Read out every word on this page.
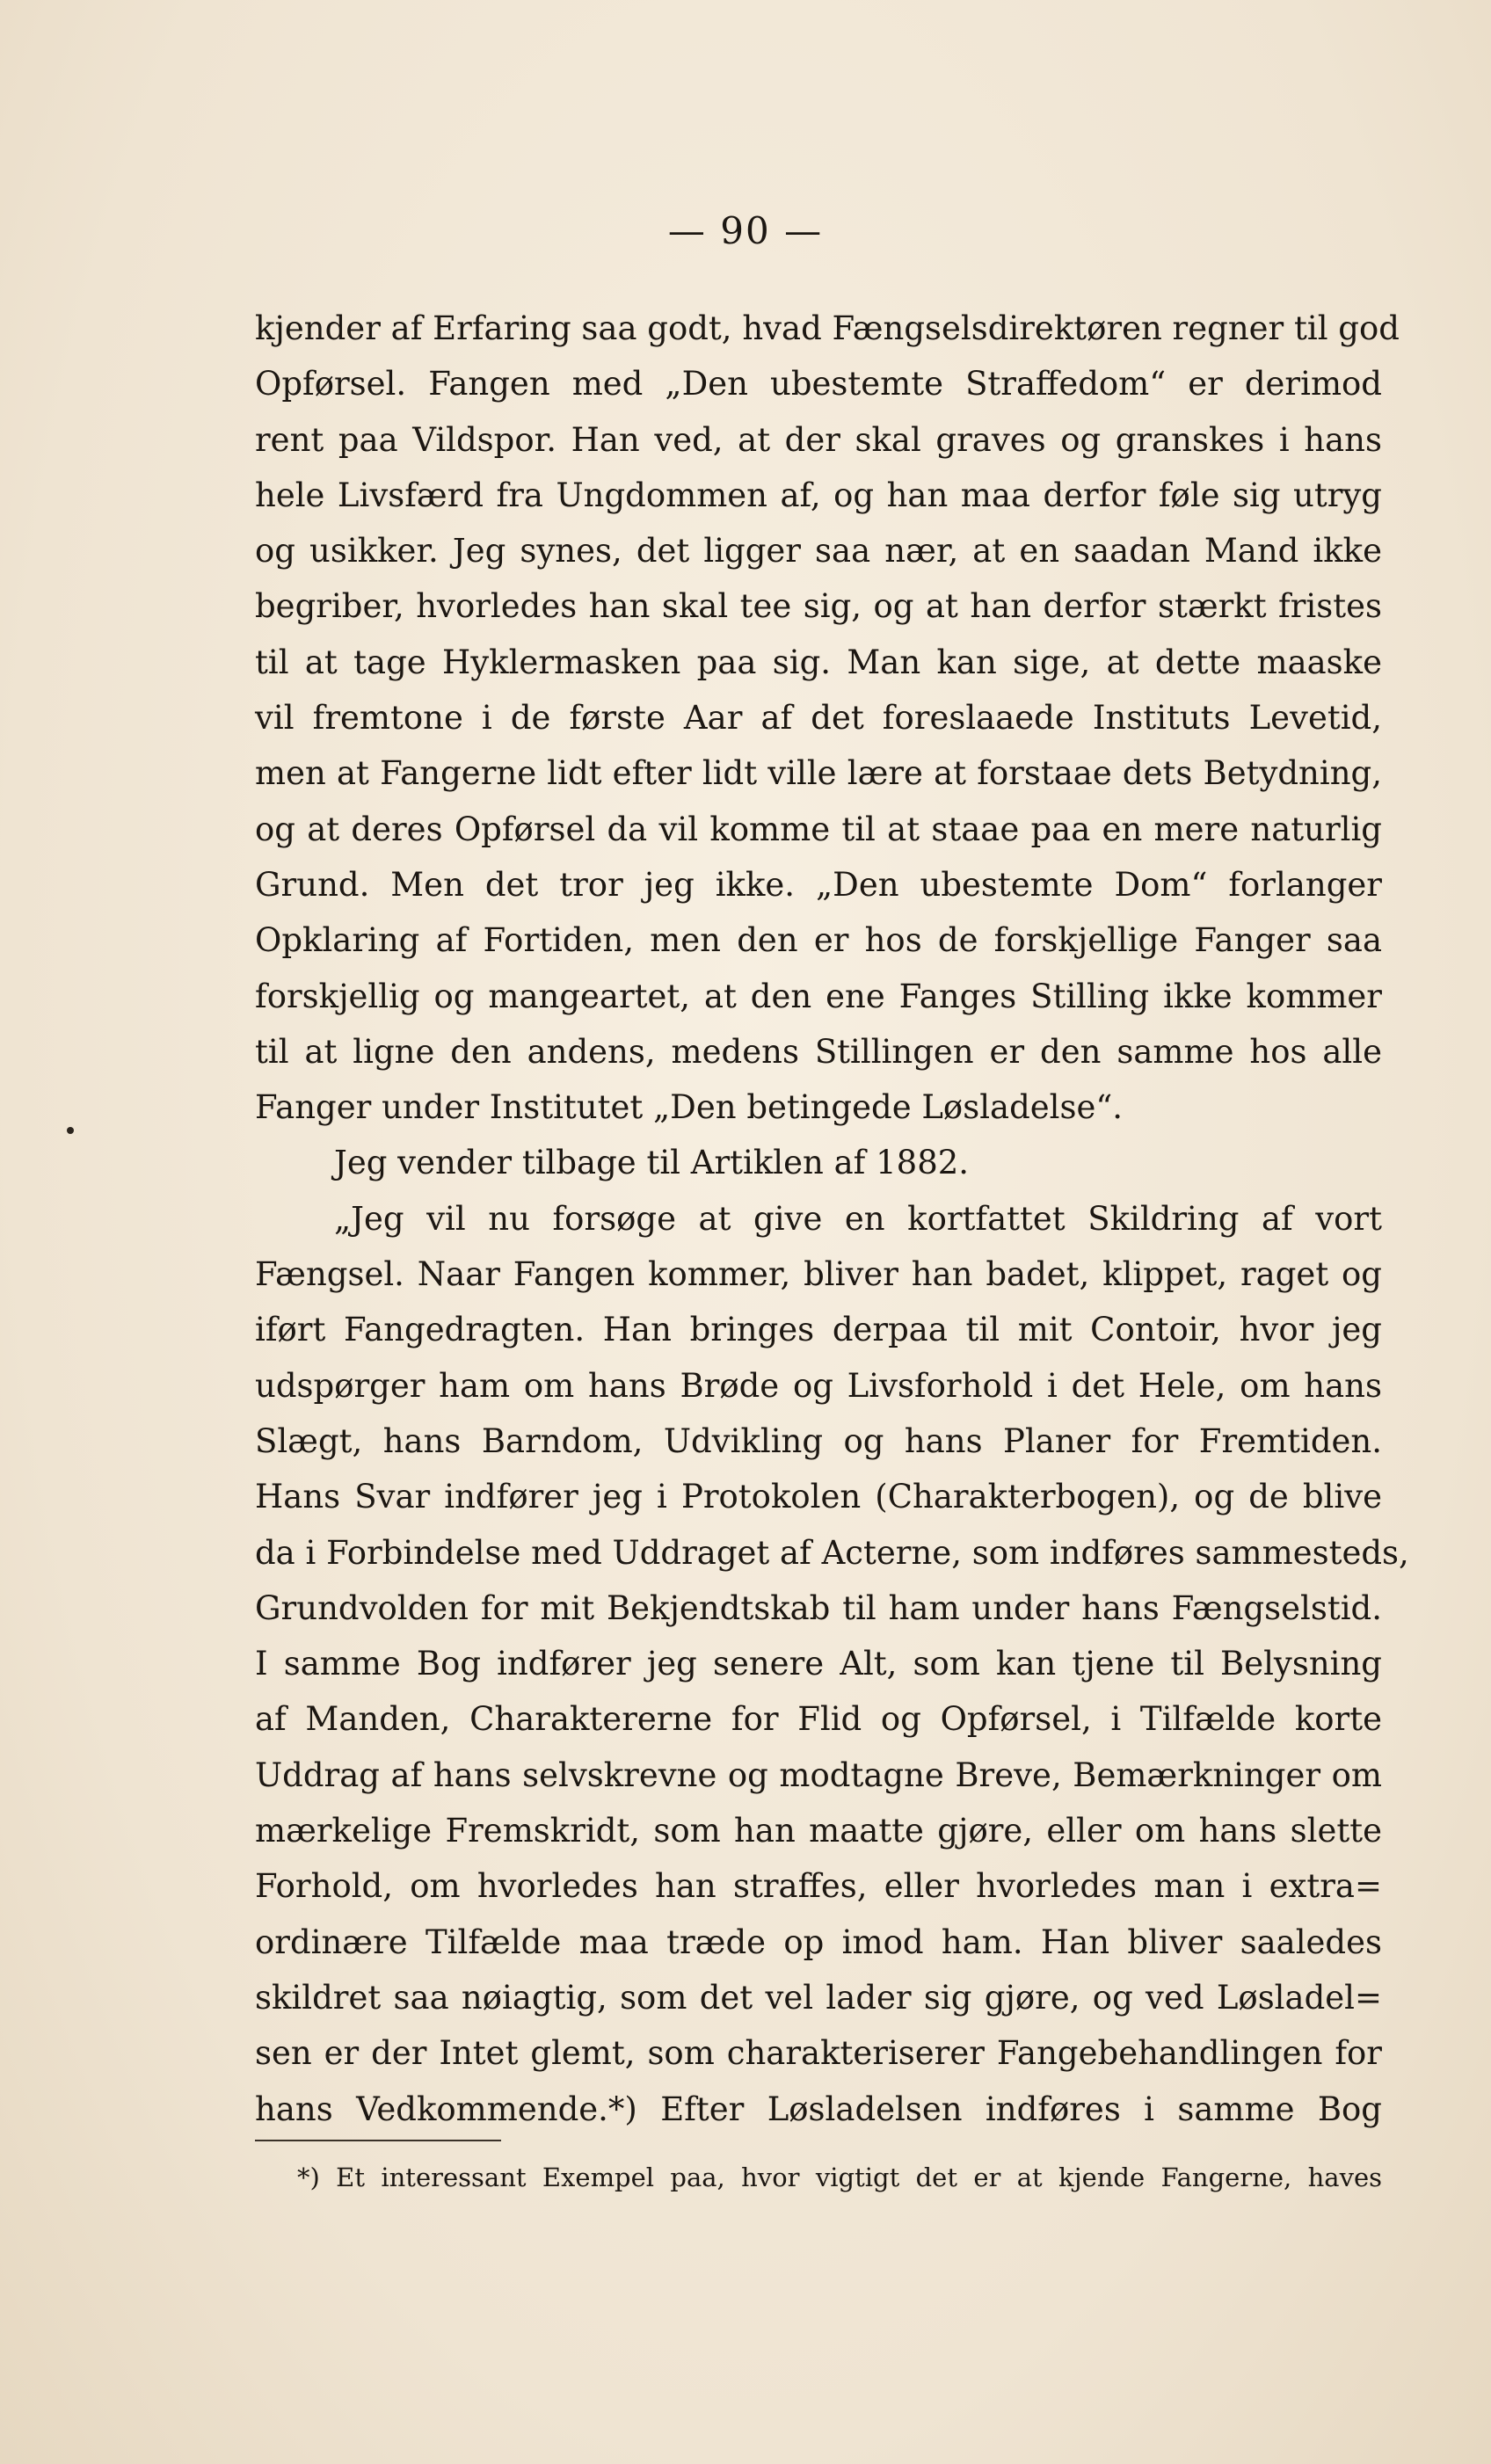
— 90 —
kjender af Erfaring saa godt, hvad Fængselsdirektøren regner til god
Opførsel. Fangen med „Den ubestemte Straffedom“ er derimod
rent paa Vildspor. Han ved, at der skal graves og granskes i hans
hele Livsfærd fra Ungdommen af, og han maa derfor føle sig utryg
og usikker. Jeg synes, det ligger saa nær, at en saadan Mand ikke
begriber, hvorledes han skal tee sig, og at han derfor stærkt fristes
til at tage Hyklermasken paa sig. Man kan sige, at dette maaske
vil fremtone i de første Aar af det foreslaaede Instituts Levetid,
men at Fangerne lidt efter lidt ville lære at forstaae dets Betydning,
og at deres Opførsel da vil komme til at staae paa en mere naturlig
Grund. Men det tror jeg ikke. „Den ubestemte Dom“ forlanger
Opklaring af Fortiden, men den er hos de forskjellige Fanger saa
forskjellig og mangeartet, at den ene Fanges Stilling ikke kommer
til at ligne den andens, medens Stillingen er den samme hos alle
Fanger under Institutet „Den betingede Løsladelse“.
Jeg vender tilbage til Artiklen af 1882.
„Jeg vil nu forsøge at give en kortfattet Skildring af vort
Fængsel. Naar Fangen kommer, bliver han badet, klippet, raget og
iført Fangedragten. Han bringes derpaa til mit Contoir, hvor jeg
udspørger ham om hans Brøde og Livsforhold i det Hele, om hans
Slægt, hans Barndom, Udvikling og hans Planer for Fremtiden.
Hans Svar indfører jeg i Protokolen (Charakterbogen), og de blive
da i Forbindelse med Uddraget af Acterne, som indføres sammesteds,
Grundvolden for mit Bekjendtskab til ham under hans Fængselstid.
I samme Bog indfører jeg senere Alt, som kan tjene til Belysning
af Manden, Charaktererne for Flid og Opførsel, i Tilfælde korte
Uddrag af hans selvskrevne og modtagne Breve, Bemærkninger om
mærkelige Fremskridt, som han maatte gjøre, eller om hans slette
Forhold, om hvorledes han straffes, eller hvorledes man i extra=
ordinære Tilfælde maa træde op imod ham. Han bliver saaledes
skildret saa nøiagtig, som det vel lader sig gjøre, og ved Løsladel=
sen er der Intet glemt, som charakteriserer Fangebehandlingen for
hans Vedkommende.*) Efter Løsladelsen indføres i samme Bog
*) Et interessant Exempel paa, hvor vigtigt det er at kjende Fangerne, haves
